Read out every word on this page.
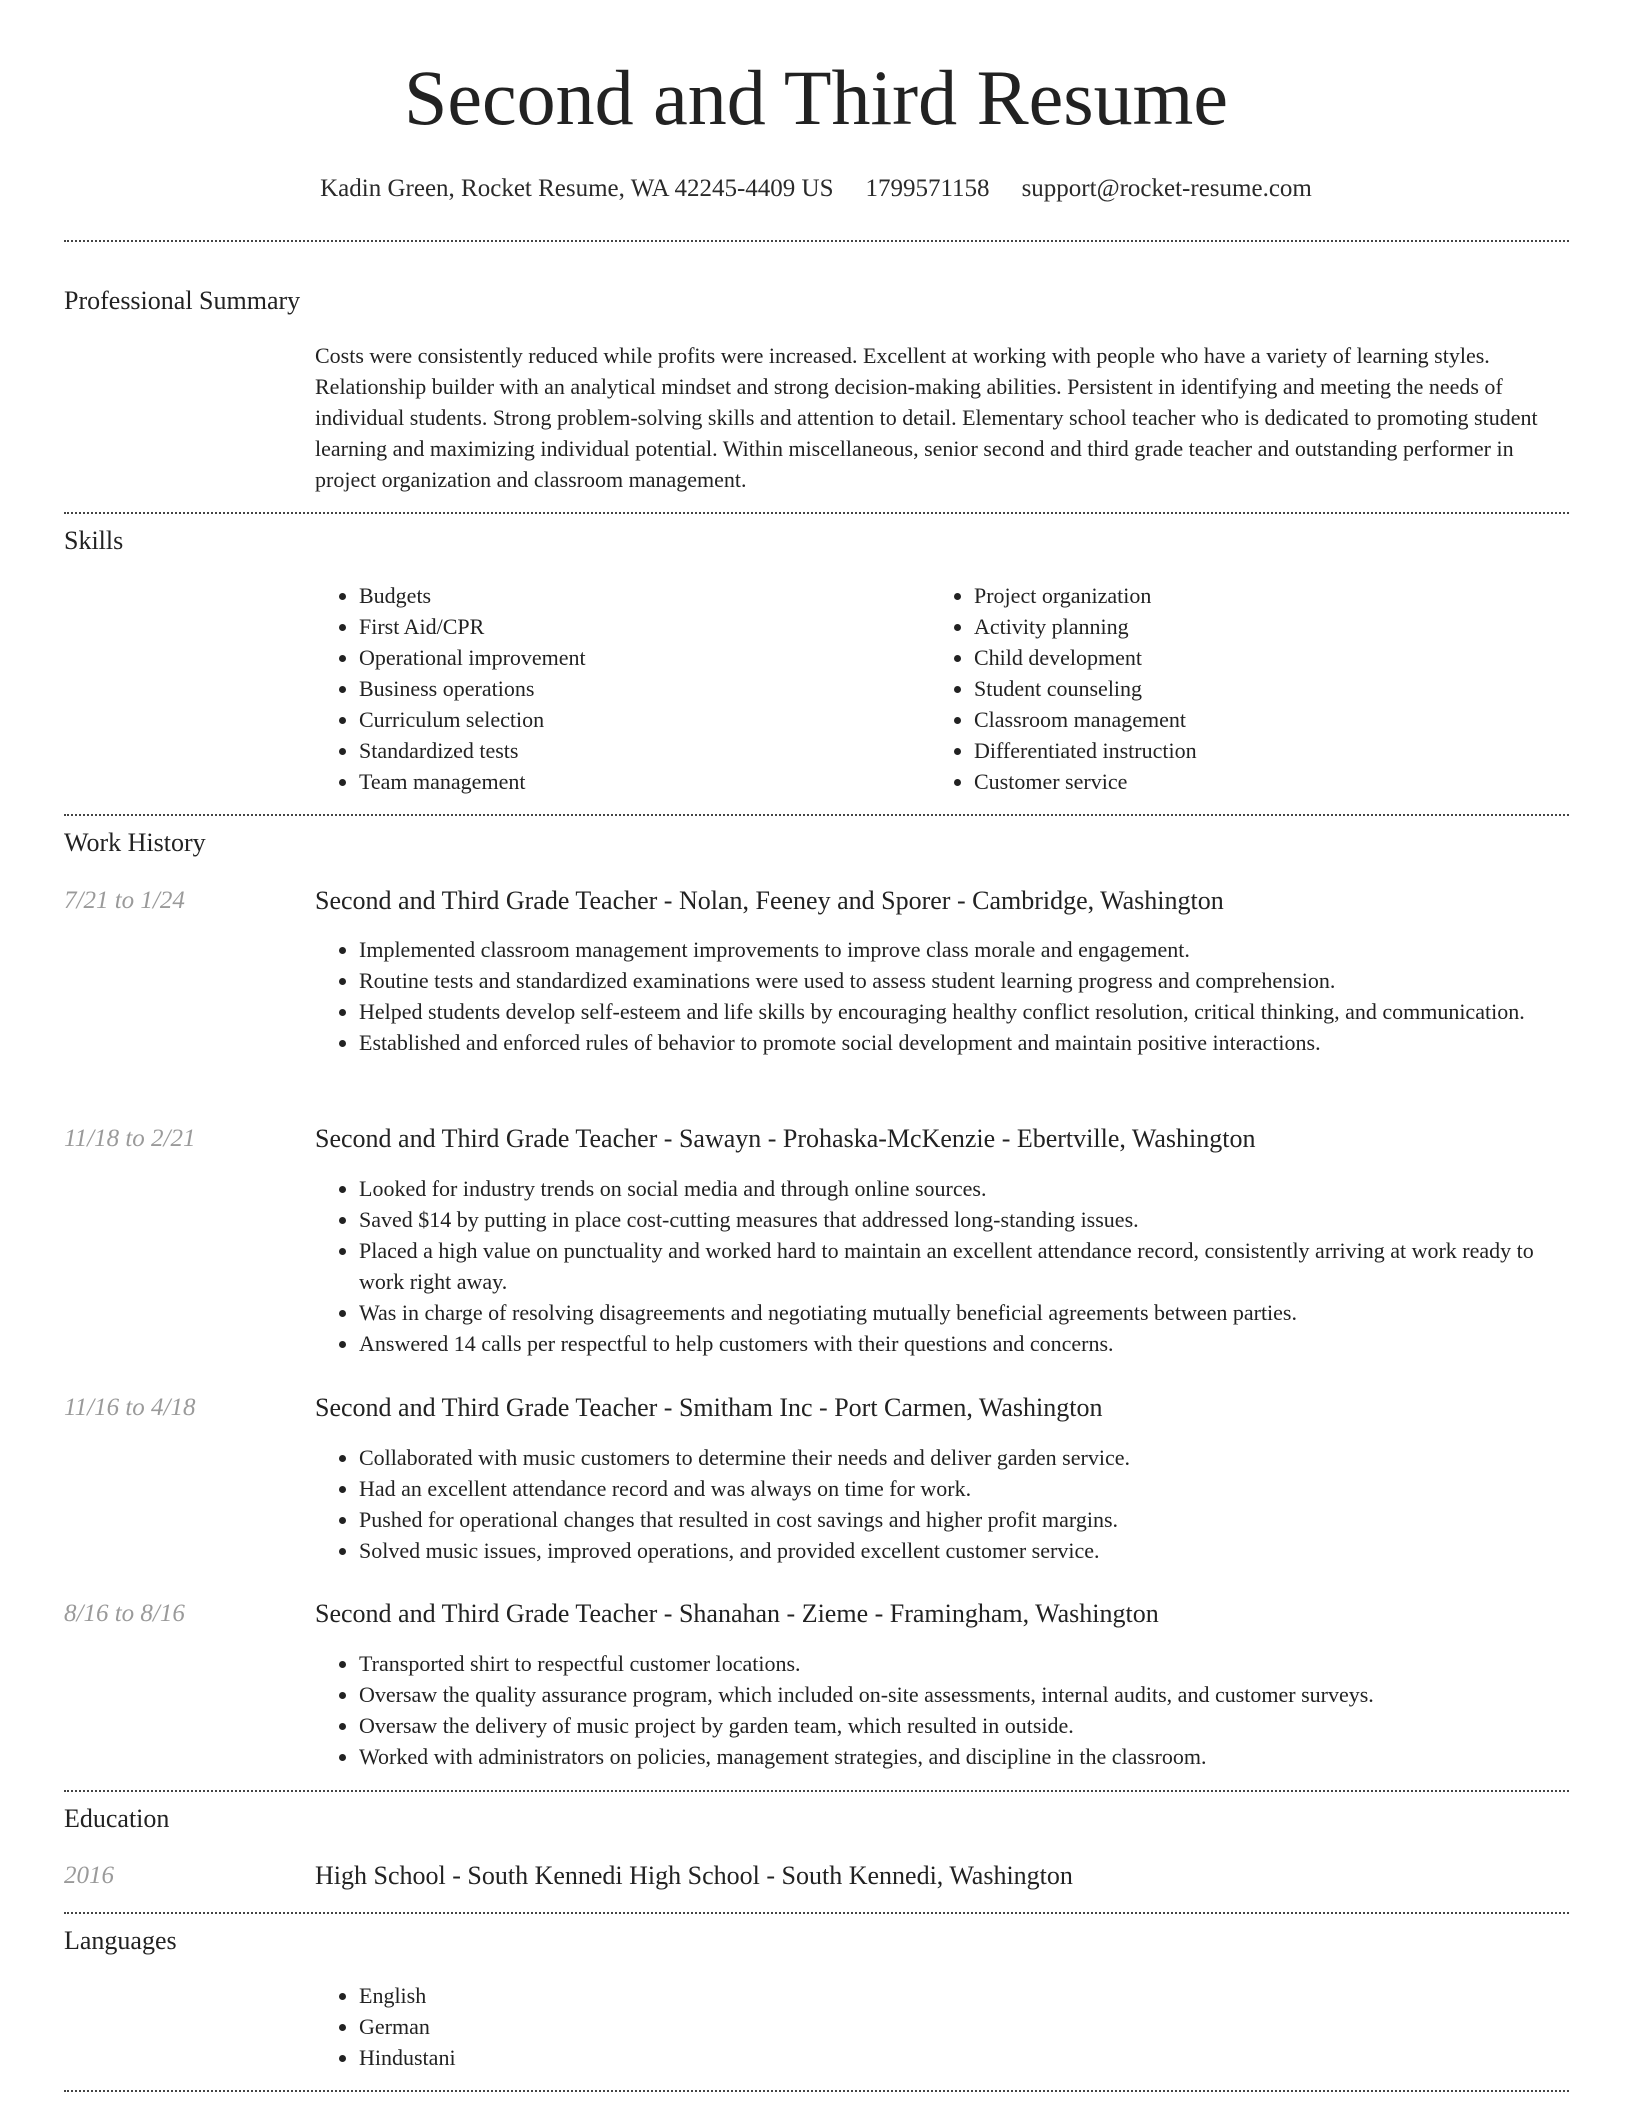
Second and Third Resume
Kadin Green, Rocket Resume, WA 42245-4409 US 1799571158 support@rocket-resume.com
Professional Summary

Costs were consistently reduced while profits were increased. Excellent at working with people who have a variety of learning styles. Relationship builder with an analytical mindset and strong decision-making abilities. Persistent in identifying and meeting the needs of individual students. Strong problem-solving skills and attention to detail. Elementary school teacher who is dedicated to promoting student learning and maximizing individual potential. Within miscellaneous, senior second and third grade teacher and outstanding performer in project organization and classroom management.

Skills
• Budgets
• First Aid/CPR
• Operational improvement
• Business operations
• Curriculum selection
• Standardized tests
• Team management
• Project organization
• Activity planning
• Child development
• Student counseling
• Classroom management
• Differentiated instruction
• Customer service
Work History
7/21 to 1/24	Second and Third Grade Teacher - Nolan, Feeney and Sporer - Cambridge, Washington
• Implemented classroom management improvements to improve class morale and engagement.
• Routine tests and standardized examinations were used to assess student learning progress and comprehension.
• Helped students develop self-esteem and life skills by encouraging healthy conflict resolution, critical thinking, and communication.
• Established and enforced rules of behavior to promote social development and maintain positive interactions.
11/18 to 2/21	Second and Third Grade Teacher - Sawayn - Prohaska-McKenzie - Ebertville, Washington
• Looked for industry trends on social media and through online sources.
• Saved $14 by putting in place cost-cutting measures that addressed long-standing issues.
• Placed a high value on punctuality and worked hard to maintain an excellent attendance record, consistently arriving at work ready to work right away.
• Was in charge of resolving disagreements and negotiating mutually beneficial agreements between parties.
• Answered 14 calls per respectful to help customers with their questions and concerns.
11/16 to 4/18	Second and Third Grade Teacher - Smitham Inc - Port Carmen, Washington
• Collaborated with music customers to determine their needs and deliver garden service.
• Had an excellent attendance record and was always on time for work.
• Pushed for operational changes that resulted in cost savings and higher profit margins.
• Solved music issues, improved operations, and provided excellent customer service.
8/16 to 8/16	Second and Third Grade Teacher - Shanahan - Zieme - Framingham, Washington
• Transported shirt to respectful customer locations.
• Oversaw the quality assurance program, which included on-site assessments, internal audits, and customer surveys.
• Oversaw the delivery of music project by garden team, which resulted in outside.
• Worked with administrators on policies, management strategies, and discipline in the classroom.
Education
2016	High School - South Kennedi High School - South Kennedi, Washington
Languages
• English
• German
• Hindustani
